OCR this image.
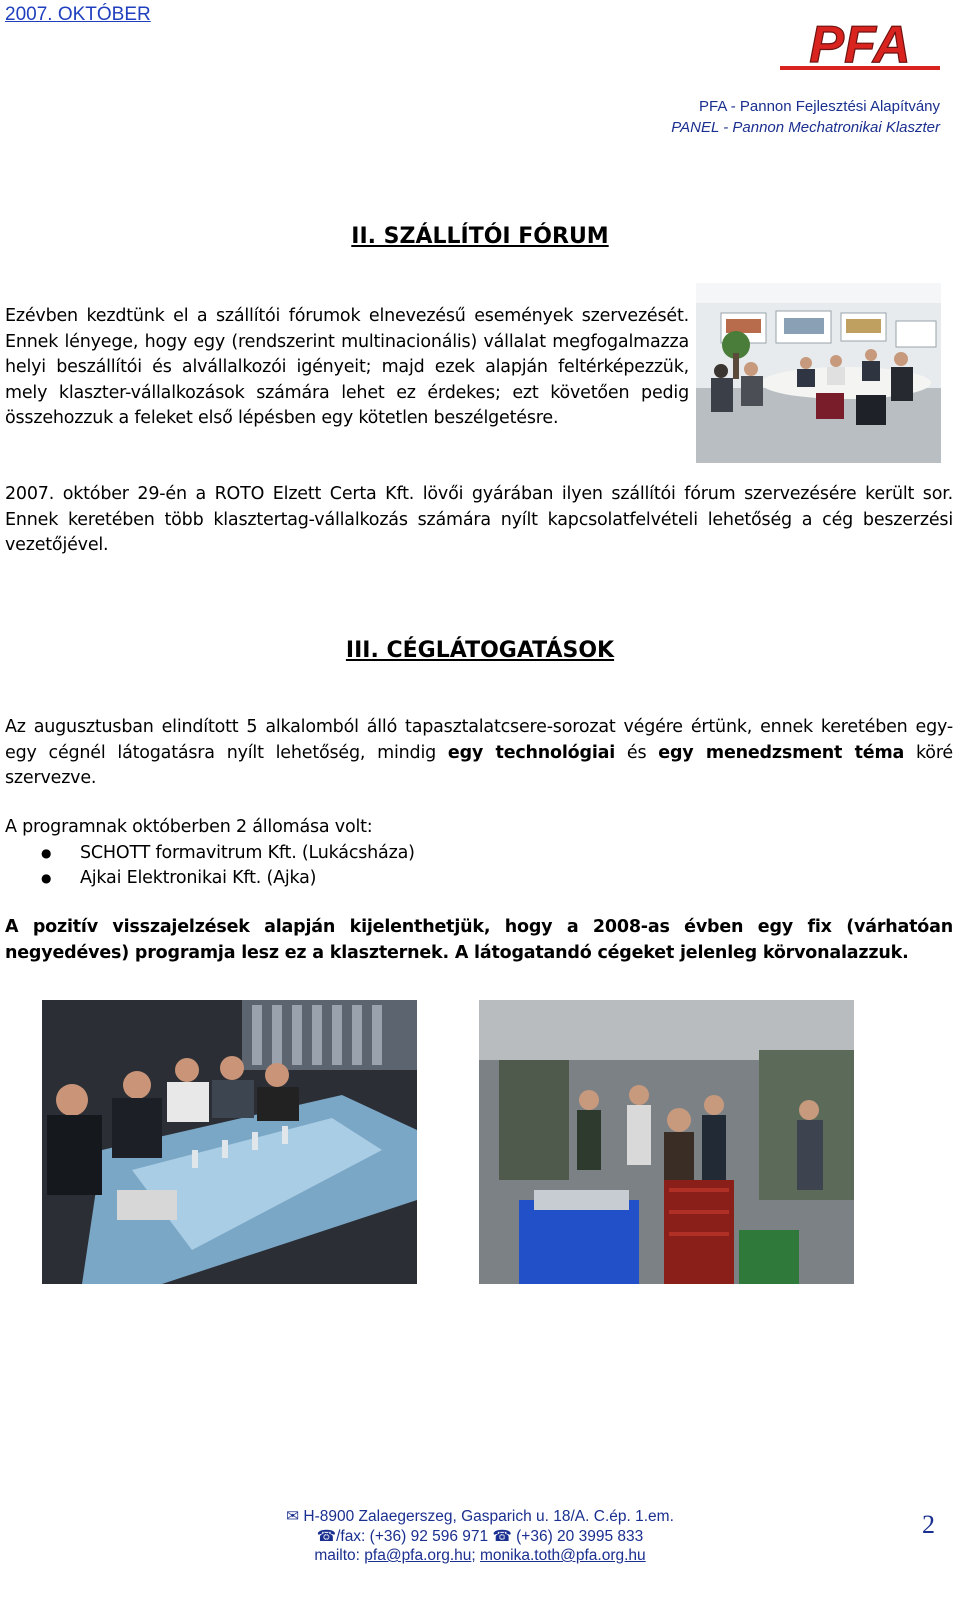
2007. OKTÓBER
PFA
PFA - Pannon Fejlesztési Alapítvány
PANEL - Pannon Mechatronikai Klaszter
II. SZÁLLÍTÓI FÓRUM

Ezévben kezdtünk el a szállítói fórumok elnevezésű események szervezését. Ennek lényege, hogy egy (rendszerint multinacionális) vállalat megfogalmazza helyi beszállítói és alvállalkozói igényeit; majd ezek alapján feltérképezzük, mely klaszter-vállalkozások számára lehet ez érdekes; ezt követően pedig összehozzuk a feleket első lépésben egy kötetlen beszélgetésre.

2007. október 29-én a ROTO Elzett Certa Kft. lövői gyárában ilyen szállítói fórum szervezésére került sor. Ennek keretében több klasztertag-vállalkozás számára nyílt kapcsolatfelvételi lehetőség a cég beszerzési vezetőjével.

III. CÉGLÁTOGATÁSOK

Az augusztusban elindított 5 alkalomból álló tapasztalatcsere-sorozat végére értünk, ennek keretében egy-egy cégnél látogatásra nyílt lehetőség, mindig egy technológiai és egy menedzsment téma köré szervezve.

A programnak októberben 2 állomása volt:

● SCHOTT formavitrum Kft. (Lukácsháza)
● Ajkai Elektronikai Kft. (Ajka)

A pozitív visszajelzések alapján kijelenthetjük, hogy a 2008-as évben egy fix (várhatóan negyedéves) programja lesz ez a klaszternek. A látogatandó cégeket jelenleg körvonalazzuk.

✉ H-8900 Zalaegerszeg, Gasparich u. 18/A. C.ép. 1.em.
☎/fax: (+36) 92 596 971 ☎ (+36) 20 3995 833
mailto: pfa@pfa.org.hu; monika.toth@pfa.org.hu
2
